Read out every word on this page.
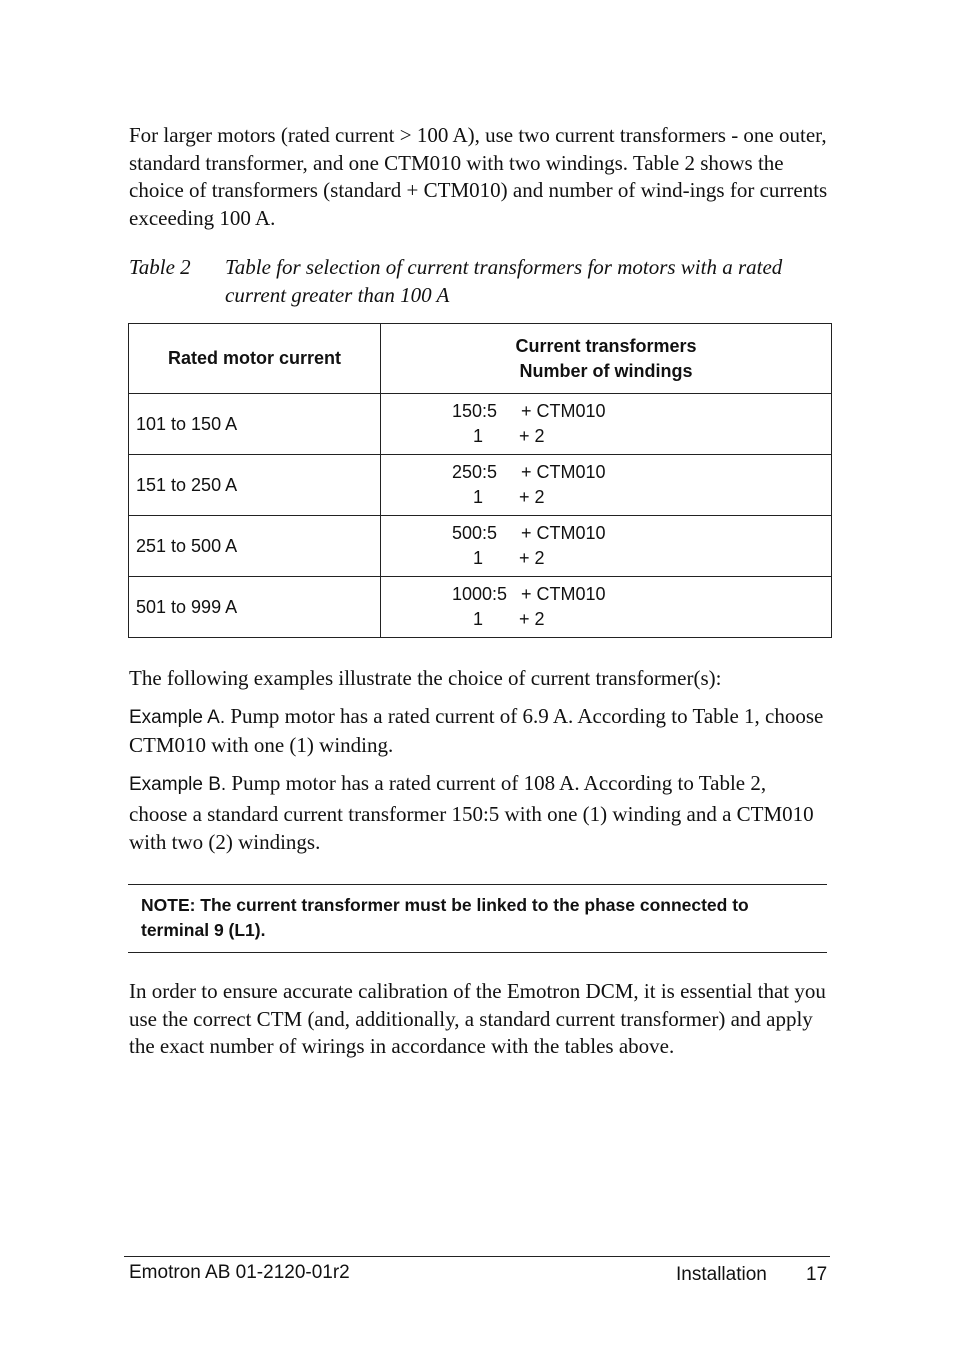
For larger motors (rated current > 100 A), use two current transformers - one outer, standard transformer, and one CTM010 with two windings. Table 2 shows the choice of transformers (standard + CTM010) and number of wind-ings for currents exceeding 100 A.

Table 2 Table for selection of current transformers for motors with a rated current greater than 100 A
Rated motor current	Current transformers
Number of windings

101 to 150 A	150:5 + CTM010
1 + 2

151 to 250 A	250:5 + CTM010
1 + 2

251 to 500 A	500:5 + CTM010
1 + 2

501 to 999 A	1000:5 + CTM010
1 + 2

The following examples illustrate the choice of current transformer(s):

Example A. Pump motor has a rated current of 6.9 A. According to Table 1, choose CTM010 with one (1) winding.

Example B. Pump motor has a rated current of 108 A. According to Table 2, choose a standard current transformer 150:5 with one (1) winding and a CTM010 with two (2) windings.

NOTE: The current transformer must be linked to the phase connected to terminal 9 (L1).

In order to ensure accurate calibration of the Emotron DCM, it is essential that you use the correct CTM (and, additionally, a standard current transformer) and apply the exact number of wirings in accordance with the tables above.

Emotron AB 01-2120-01r2	Installation 17
